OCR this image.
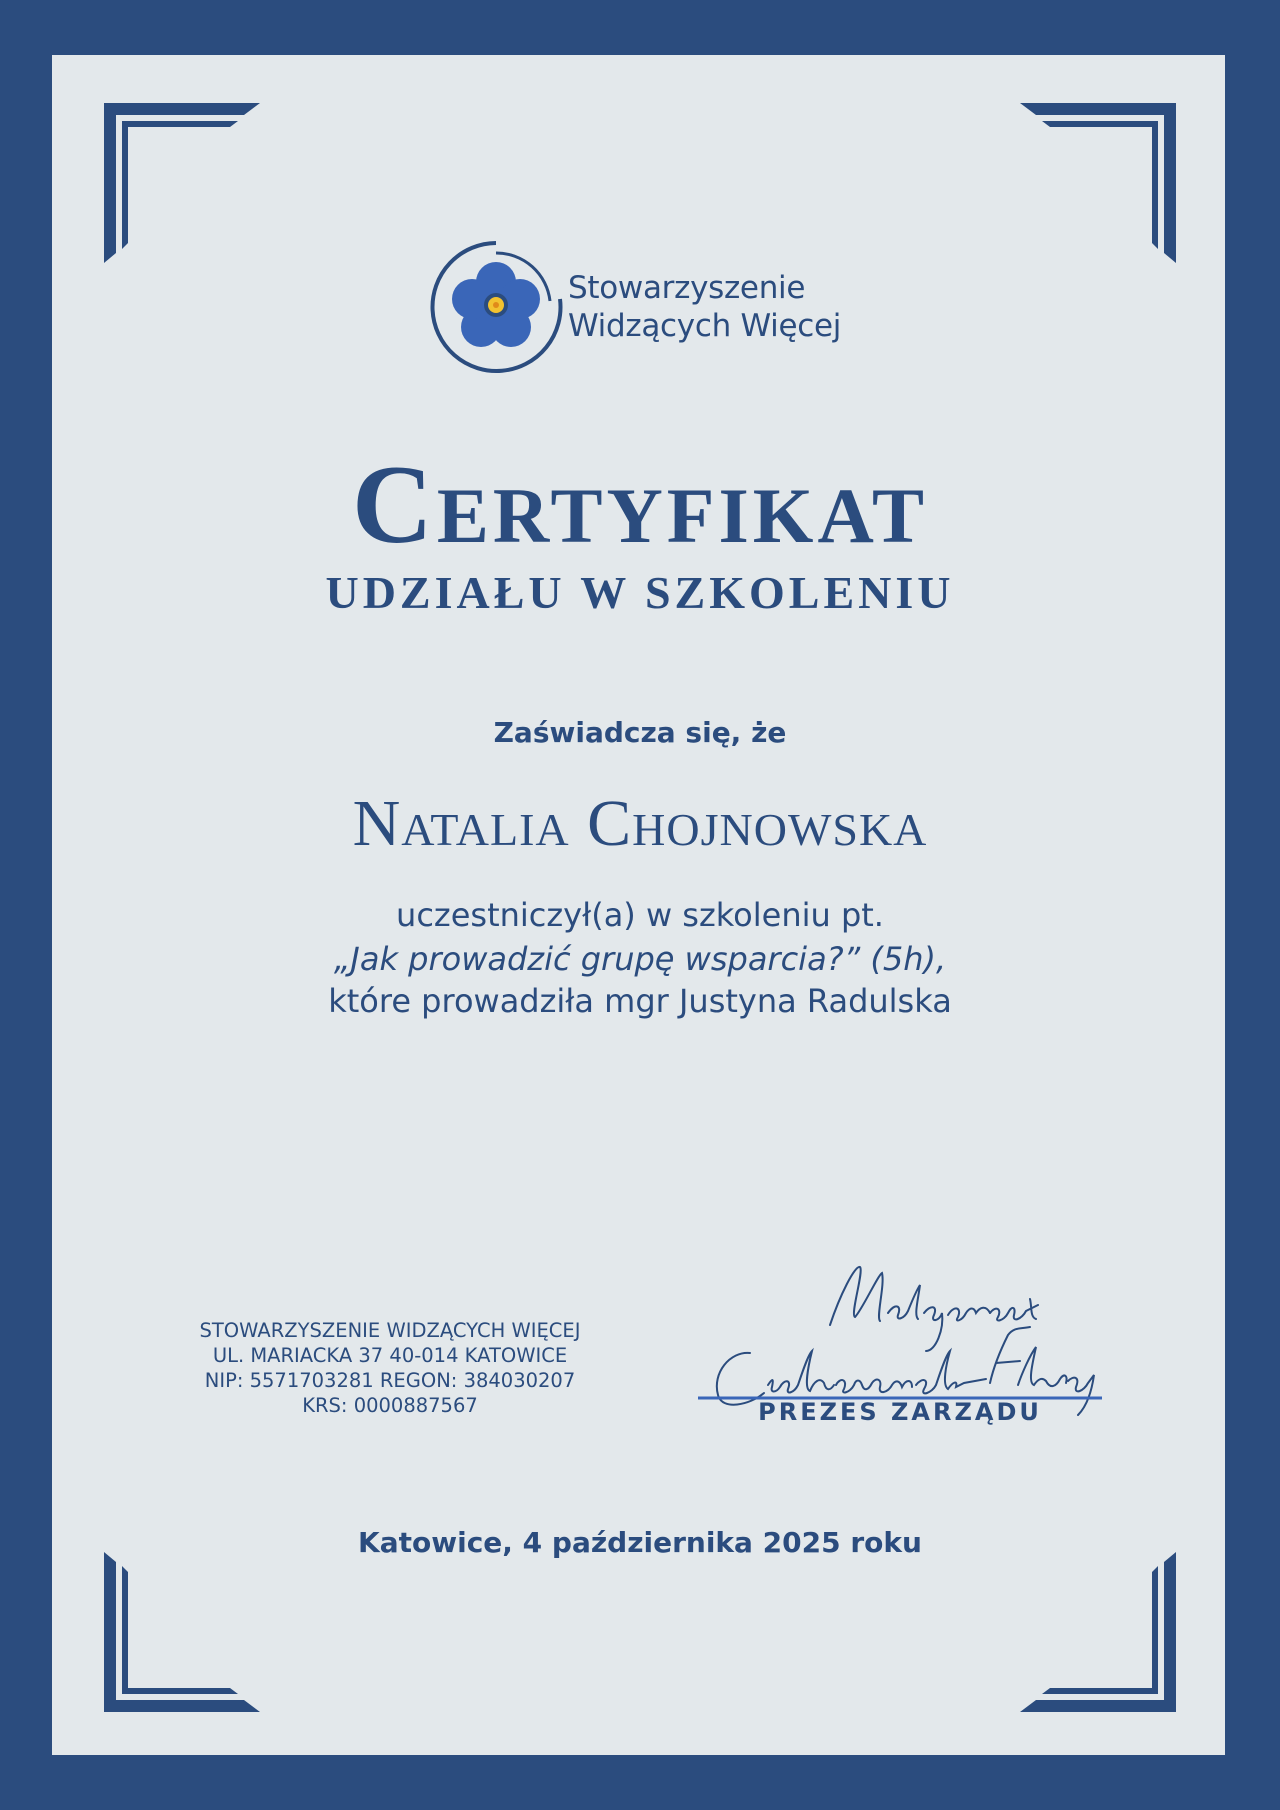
Stowarzyszenie
Widzących Więcej
Certyfikat
UDZIAŁU W SZKOLENIU
Zaświadcza się, że
Natalia Chojnowska
uczestniczył(a) w szkoleniu pt.
„Jak prowadzić grupę wsparcia?” (5h),
które prowadziła mgr Justyna Radulska
STOWARZYSZENIE WIDZĄCYCH WIĘCEJ
UL. MARIACKA 37 40-014 KATOWICE
NIP: 5571703281 REGON: 384030207
KRS: 0000887567	PREZES ZARZĄDU
Katowice, 4 października 2025 roku
